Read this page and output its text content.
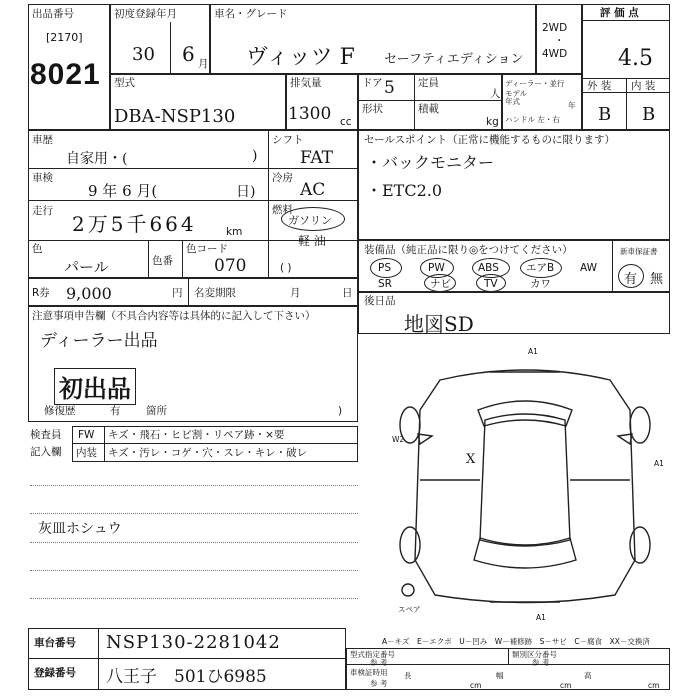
出品番号
[2170]
8021
初度登録年月
30 6 月
車名・グレード
ヴィッツ F セーフティエディション
2WD
・
4WD
評 価 点
4.5
外 装 内 装
B B
型式
DBA-NSP130
排気量
1300 cc
ドア 5 定員
人
形状	積載
kg
ディーラー・並行
モデル
年式	年
ハンドル 左・右
車歴
自家用・(	)
シフト
FAT
車検
9 年 6 月(	日)
冷房
AC
走行
2万5千664	km
燃料
ガソリン
軽 油
( )
色
パール	色番
色コード
070
R券 9,000	円 名変期限	月	日
セールスポイント（正常に機能するものに限ります）
・バックモニター
・ETC2.0
装備品（純正品に限り◎をつけてください）	新車保証書
PS	PW	ABS	エアB AW
SR	TV
ナビ	カワ	有 無
後日品
地図SD
注意事項申告欄（不具合内容等は具体的に記入して下さい）
ディーラー出品
初出品
修復歴	有 箇所	)
検査員
記入欄
FW キズ・飛石・ヒビ割・リペア跡・×要
内装 キズ・汚レ・コゲ・穴・スレ・キレ・破レ
灰皿ホシュウ
A1
W2
A1
X
A1
スペア
A－キズ　E－エクボ　U－凹み　W－補修跡　S－サビ　C－腐食　XX－交換済
車台番号 NSP130-2281042
登録番号 八王子　501ひ6985
型式指定番号
参 考
類別区分番号
参 考
車検証時用
参 考
長
cm
幅
cm
高
cm
